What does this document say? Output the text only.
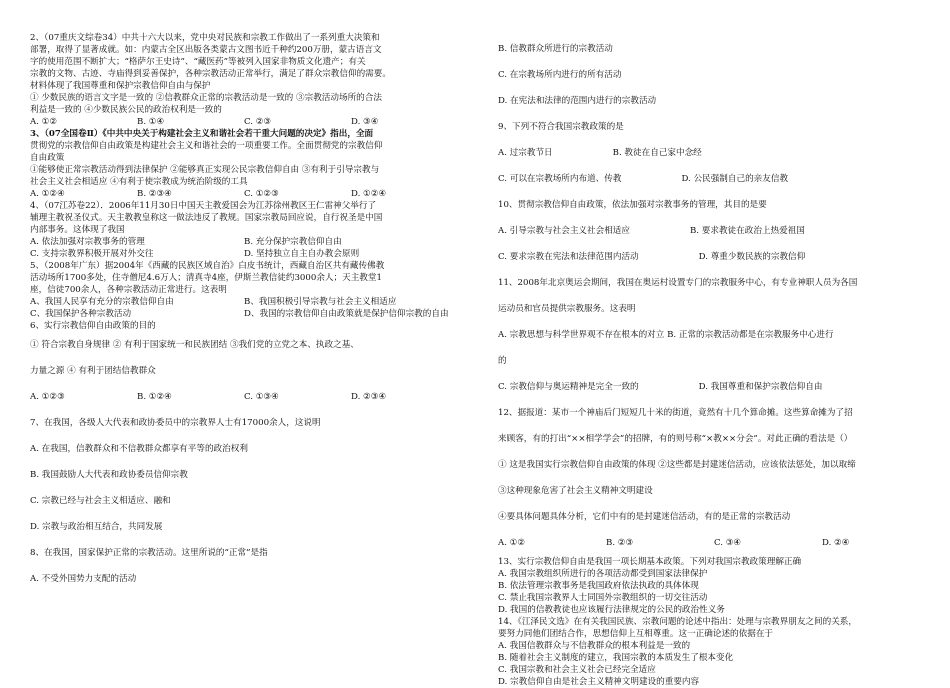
2、（07重庆文综卷34）中共十六大以来，党中央对民族和宗教工作做出了一系列重大决策和
部署，取得了显著成就。如：内蒙古全区出版各类蒙古文图书近千种约200万册，蒙古语言文
字的使用范围不断扩大；“格萨尔王史诗”、“藏医药”等被列入国家非物质文化遗产；有关
宗教的文物、古迹、寺庙得到妥善保护，各种宗教活动正常举行，满足了群众宗教信仰的需要。
材料体现了我国尊重和保护宗教信仰自由与保护
① 少数民族的语言文字是一致的 ②信教群众正常的宗教活动是一致的 ③宗教活动场所的合法
利益是一致的 ④少数民族公民的政治权利是一致的
A. ①②	B. ①④	C. ②③	D. ③④
3、（07全国卷Ⅱ）《中共中央关于构建社会主义和谐社会若干重大问题的决定》指出，全面
贯彻党的宗教信仰自由政策是构建社会主义和谐社会的一项重要工作。全面贯彻党的宗教信仰
自由政策
①能够使正常宗教活动得到法律保护 ②能够真正实现公民宗教信仰自由 ③有利于引导宗教与
社会主义社会相适应 ④有利于使宗教成为统治阶级的工具
A. ①②④	B. ②③④	C. ①②③	D. ①②④
4、（07江苏卷22）．2006年11月30日中国天主教爱国会为江苏徐州教区王仁雷神父举行了
辅理主教祝圣仪式。天主教教皇称这一做法违反了教规。国家宗教局回应说，自行祝圣是中国
内部事务。这体现了我国
A. 依法加强对宗教事务的管理	B. 充分保护宗教信仰自由
C. 支持宗教界积极开展对外交往	D. 坚持独立自主自办教会原则
5、（2008年广东）据2004年《西藏的民族区域自治》白皮书统计，西藏自治区共有藏传佛教
活动场所1700多处，住寺僧尼4.6万人；清真寺4座，伊斯兰教信徒约3000余人；天主教堂1
座，信徒700余人，各种宗教活动正常进行。这表明
A、我国人民享有充分的宗教信仰自由	B、我国积极引导宗教与社会主义相适应
C、我国保护各种宗教活动	D、我国的宗教信仰自由政策就是保护信仰宗教的自由
6、实行宗教信仰自由政策的目的
① 符合宗教自身规律 ② 有利于国家统一和民族团结 ③我们党的立党之本、执政之基、
力量之源 ④ 有利于团结信教群众
A. ①②③	B. ①②④	C. ①③④	D. ②③④
7、在我国，各级人大代表和政协委员中的宗教界人士有17000余人，这说明
A. 在我国，信教群众和不信教群众都享有平等的政治权利
B. 我国鼓励人大代表和政协委员信仰宗教
C. 宗教已经与社会主义相适应、融和
D. 宗教与政治相互结合，共同发展
8、在我国，国家保护正常的宗教活动。这里所说的“正常”是指
A. 不受外国势力支配的活动
B. 信教群众所进行的宗教活动
C. 在宗教场所内进行的所有活动
D. 在宪法和法律的范围内进行的宗教活动
9、下列不符合我国宗教政策的是
A. 过宗教节日	B. 教徒在自己家中念经
C. 可以在宗教场所内布道、传教	D. 公民强制自己的亲友信教
10、贯彻宗教信仰自由政策，依法加强对宗教事务的管理，其目的是要
A. 引导宗教与社会主义社会相适应	B. 要求教徒在政治上热爱祖国
C. 要求宗教在宪法和法律范围内活动	D. 尊重少数民族的宗教信仰
11、2008年北京奥运会期间，我国在奥运村设置专门的宗教服务中心，有专业神职人员为各国
运动员和官员提供宗教服务。这表明
A. 宗教思想与科学世界观不存在根本的对立 B. 正常的宗教活动都是在宗教服务中心进行
的
C. 宗教信仰与奥运精神是完全一致的	D. 我国尊重和保护宗教信仰自由
12、据报道：某市一个神庙后门短短几十米的街道，竟然有十几个算命摊。这些算命摊为了招
来顾客，有的打出“××相学学会”的招牌，有的则号称“×教××分会”。对此正确的看法是（）
① 这是我国实行宗教信仰自由政策的体现 ②这些都是封建迷信活动，应该依法惩处，加以取缔
③这种现象危害了社会主义精神文明建设
④要具体问题具体分析，它们中有的是封建迷信活动，有的是正常的宗教活动
A. ①②	B. ②③	C. ③④	D. ②④
13、实行宗教信仰自由是我国一项长期基本政策。下列对我国宗教政策理解正确
A. 我国宗教组织所进行的各项活动都受到国家法律保护
B. 依法管理宗教事务是我国政府依法执政的具体体现
C. 禁止我国宗教界人士同国外宗教组织的一切交往活动
D. 我国的信教教徒也应该履行法律规定的公民的政治性义务
14、《江泽民文选》在有关我国民族、宗教问题的论述中指出：处理与宗教界朋友之间的关系，
要努力同他们团结合作，思想信仰上互相尊重。这一正确论述的依据在于
A. 我国信教群众与不信教群众的根本利益是一致的
B. 随着社会主义制度的建立，我国宗教的本质发生了根本变化
C. 我国宗教和社会主义社会已经完全适应
D. 宗教信仰自由是社会主义精神文明建设的重要内容
